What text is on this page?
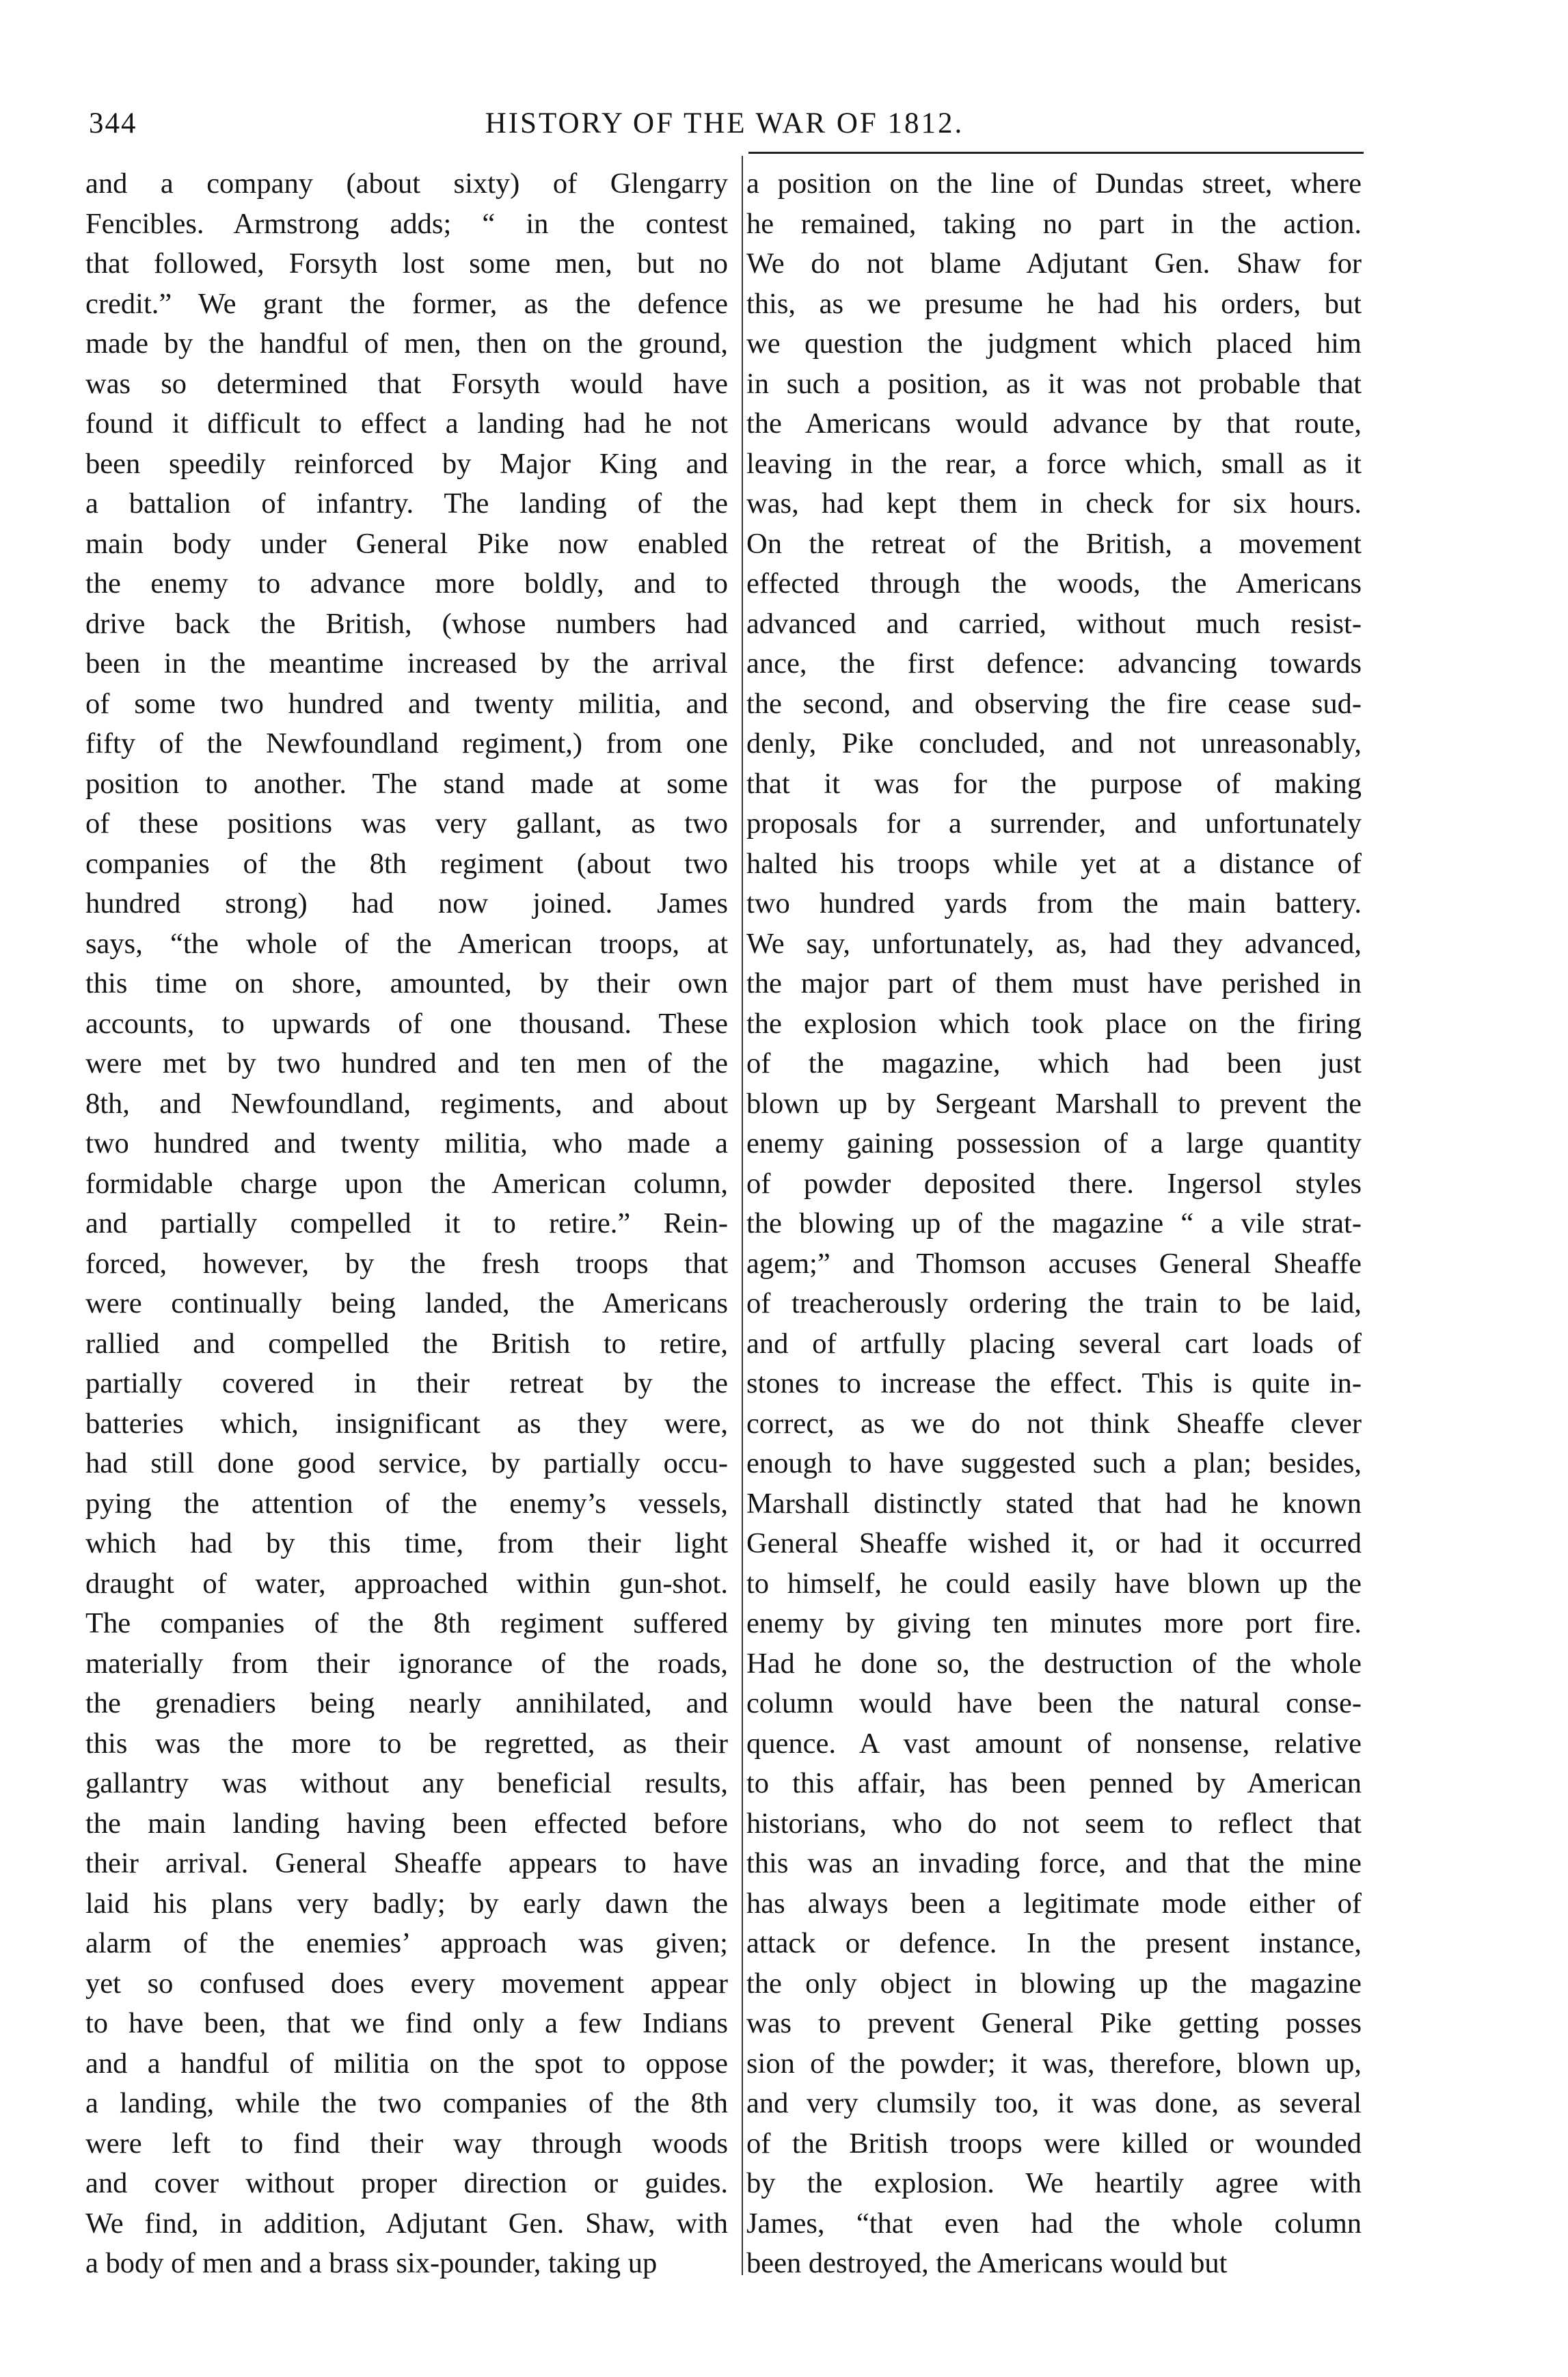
344	HISTORY OF THE WAR OF 1812.
and a company (about sixty) of Glengarry
Fencibles. Armstrong adds; “ in the contest
that followed, Forsyth lost some men, but no
credit.” We grant the former, as the defence
made by the handful of men, then on the ground,
was so determined that Forsyth would have
found it difficult to effect a landing had he not
been speedily reinforced by Major King and
a battalion of infantry. The landing of the
main body under General Pike now enabled
the enemy to advance more boldly, and to
drive back the British, (whose numbers had
been in the meantime increased by the arrival
of some two hundred and twenty militia, and
fifty of the Newfoundland regiment,) from one
position to another. The stand made at some
of these positions was very gallant, as two
companies of the 8th regiment (about two
hundred strong) had now joined. James
says, “the whole of the American troops, at
this time on shore, amounted, by their own
accounts, to upwards of one thousand. These
were met by two hundred and ten men of the
8th, and Newfoundland, regiments, and about
two hundred and twenty militia, who made a
formidable charge upon the American column,
and partially compelled it to retire.” Rein-
forced, however, by the fresh troops that
were continually being landed, the Americans
rallied and compelled the British to retire,
partially covered in their retreat by the
batteries which, insignificant as they were,
had still done good service, by partially occu-
pying the attention of the enemy’s vessels,
which had by this time, from their light
draught of water, approached within gun-shot.
The companies of the 8th regiment suffered
materially from their ignorance of the roads,
the grenadiers being nearly annihilated, and
this was the more to be regretted, as their
gallantry was without any beneficial results,
the main landing having been effected before
their arrival. General Sheaffe appears to have
laid his plans very badly; by early dawn the
alarm of the enemies’ approach was given;
yet so confused does every movement appear
to have been, that we find only a few Indians
and a handful of militia on the spot to oppose
a landing, while the two companies of the 8th
were left to find their way through woods
and cover without proper direction or guides.
We find, in addition, Adjutant Gen. Shaw, with
a body of men and a brass six-pounder, taking up
a position on the line of Dundas street, where
he remained, taking no part in the action.
We do not blame Adjutant Gen. Shaw for
this, as we presume he had his orders, but
we question the judgment which placed him
in such a position, as it was not probable that
the Americans would advance by that route,
leaving in the rear, a force which, small as it
was, had kept them in check for six hours.
On the retreat of the British, a movement
effected through the woods, the Americans
advanced and carried, without much resist-
ance, the first defence: advancing towards
the second, and observing the fire cease sud-
denly, Pike concluded, and not unreasonably,
that it was for the purpose of making
proposals for a surrender, and unfortunately
halted his troops while yet at a distance of
two hundred yards from the main battery.
We say, unfortunately, as, had they advanced,
the major part of them must have perished in
the explosion which took place on the firing
of the magazine, which had been just
blown up by Sergeant Marshall to prevent the
enemy gaining possession of a large quantity
of powder deposited there. Ingersol styles
the blowing up of the magazine “ a vile strat-
agem;” and Thomson accuses General Sheaffe
of treacherously ordering the train to be laid,
and of artfully placing several cart loads of
stones to increase the effect. This is quite in-
correct, as we do not think Sheaffe clever
enough to have suggested such a plan; besides,
Marshall distinctly stated that had he known
General Sheaffe wished it, or had it occurred
to himself, he could easily have blown up the
enemy by giving ten minutes more port fire.
Had he done so, the destruction of the whole
column would have been the natural conse-
quence. A vast amount of nonsense, relative
to this affair, has been penned by American
historians, who do not seem to reflect that
this was an invading force, and that the mine
has always been a legitimate mode either of
attack or defence. In the present instance,
the only object in blowing up the magazine
was to prevent General Pike getting posses
sion of the powder; it was, therefore, blown up,
and very clumsily too, it was done, as several
of the British troops were killed or wounded
by the explosion. We heartily agree with
James, “that even had the whole column
been destroyed, the Americans would but
